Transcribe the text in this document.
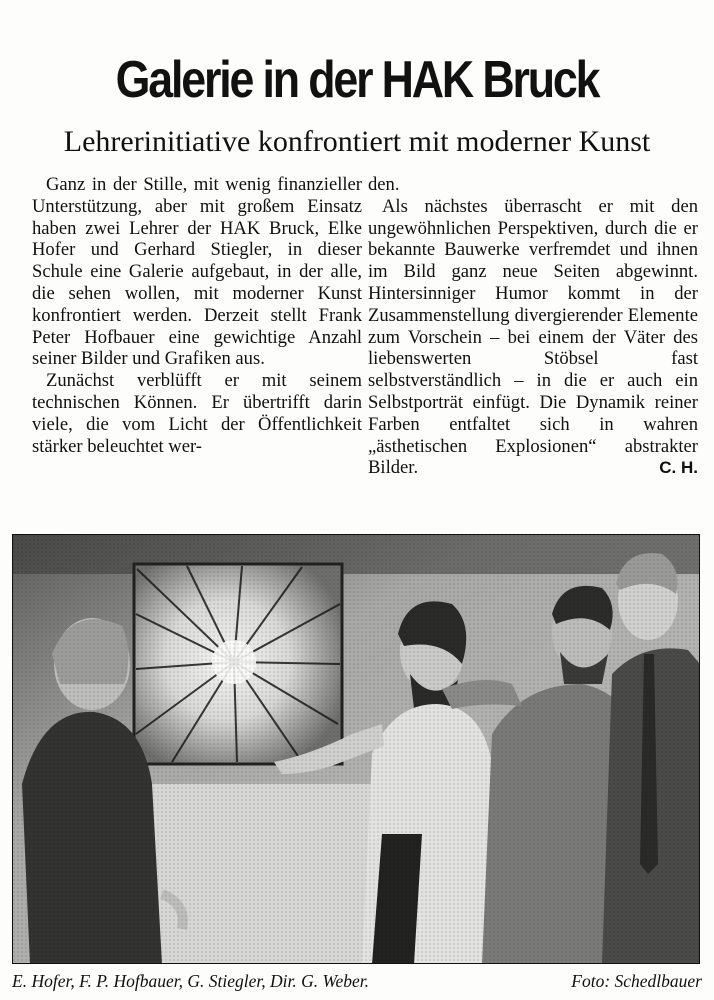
Galerie in der HAK Bruck
Lehrerinitiative konfrontiert mit moderner Kunst

Ganz in der Stille, mit wenig finanzieller Unterstützung, aber mit großem Einsatz haben zwei Lehrer der HAK Bruck, Elke Hofer und Gerhard Stiegler, in dieser Schule eine Galerie aufgebaut, in der alle, die sehen wollen, mit moderner Kunst konfrontiert werden. Derzeit stellt Frank Peter Hofbauer eine gewichtige Anzahl seiner Bilder und Grafiken aus.

Zunächst verblüfft er mit seinem technischen Können. Er übertrifft darin viele, die vom Licht der Öffentlichkeit stärker beleuchtet wer-

den.

Als nächstes überrascht er mit den ungewöhnlichen Perspektiven, durch die er bekannte Bauwerke verfremdet und ihnen im Bild ganz neue Seiten abgewinnt. Hintersinniger Humor kommt in der Zusammenstellung divergierender Elemente zum Vorschein – bei einem der Väter des liebenswerten Stöbsel fast selbstverständlich – in die er auch ein Selbstporträt einfügt. Die Dynamik reiner Farben entfaltet sich in wahren „ästhetischen Explosionen“ abstrakter Bilder.	C. H.

E. Hofer, F. P. Hofbauer, G. Stiegler, Dir. G. Weber.	Foto: Schedlbauer
